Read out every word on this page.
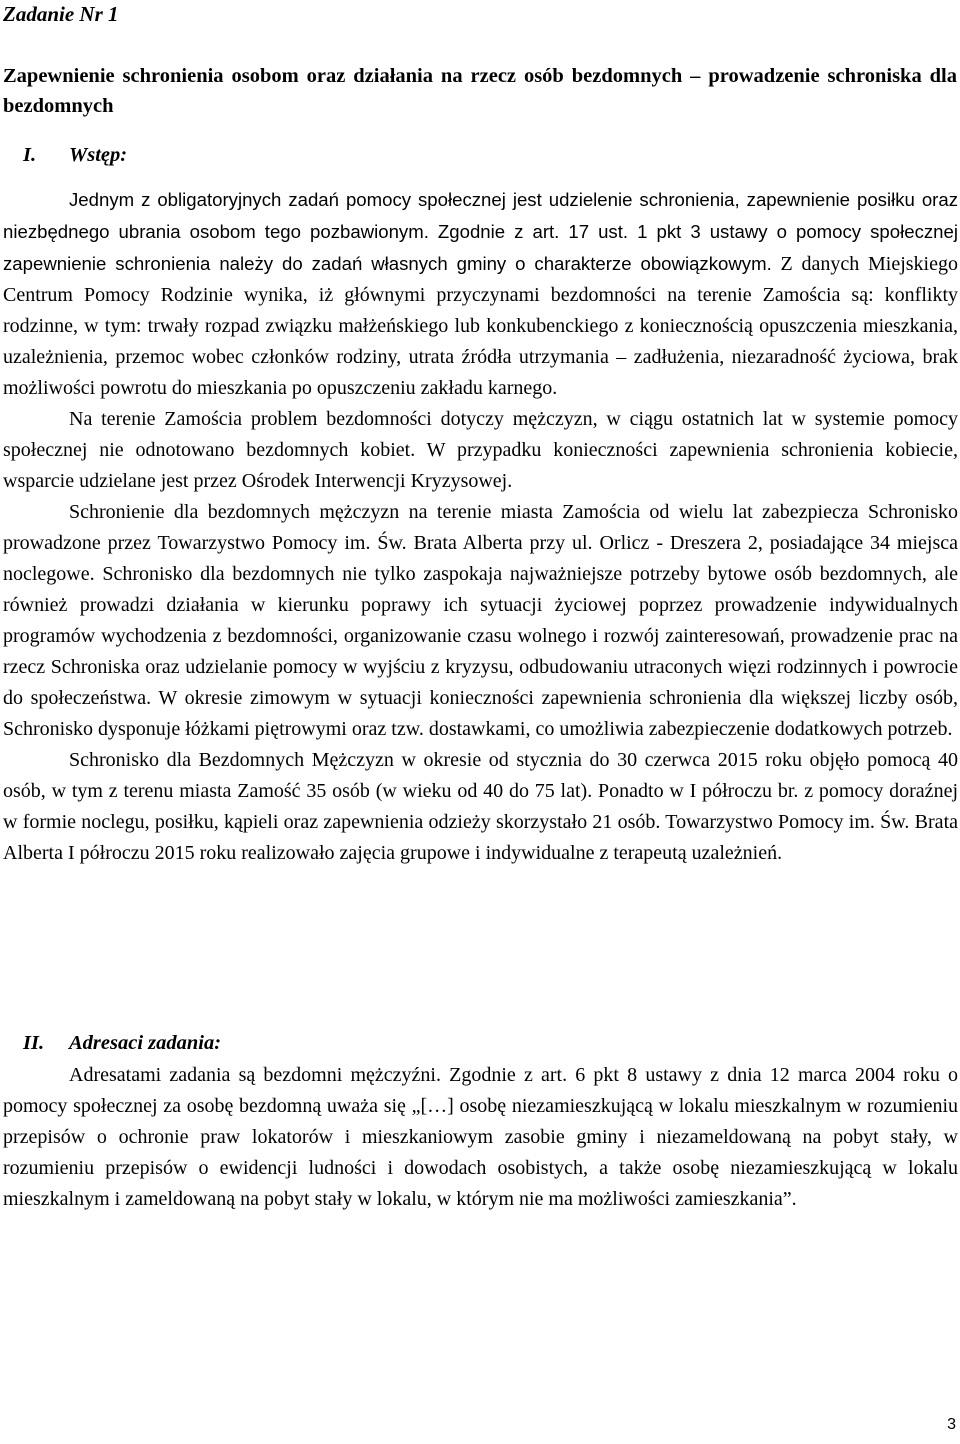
Zadanie Nr 1
Zapewnienie schronienia osobom oraz działania na rzecz osób bezdomnych – prowadzenie schroniska dla bezdomnych
I. Wstęp:

Jednym z obligatoryjnych zadań pomocy społecznej jest udzielenie schronienia, zapewnienie posiłku oraz niezbędnego ubrania osobom tego pozbawionym. Zgodnie z art. 17 ust. 1 pkt 3 ustawy o pomocy społecznej zapewnienie schronienia należy do zadań własnych gminy o charakterze obowiązkowym. Z danych Miejskiego Centrum Pomocy Rodzinie wynika, iż głównymi przyczynami bezdomności na terenie Zamościa są: konflikty rodzinne, w tym: trwały rozpad związku małżeńskiego lub konkubenckiego z koniecznością opuszczenia mieszkania, uzależnienia, przemoc wobec członków rodziny, utrata źródła utrzymania – zadłużenia, niezaradność życiowa, brak możliwości powrotu do mieszkania po opuszczeniu zakładu karnego.

Na terenie Zamościa problem bezdomności dotyczy mężczyzn, w ciągu ostatnich lat w systemie pomocy społecznej nie odnotowano bezdomnych kobiet. W przypadku konieczności zapewnienia schronienia kobiecie, wsparcie udzielane jest przez Ośrodek Interwencji Kryzysowej.

Schronienie dla bezdomnych mężczyzn na terenie miasta Zamościa od wielu lat zabezpiecza Schronisko prowadzone przez Towarzystwo Pomocy im. Św. Brata Alberta przy ul. Orlicz - Dreszera 2, posiadające 34 miejsca noclegowe. Schronisko dla bezdomnych nie tylko zaspokaja najważniejsze potrzeby bytowe osób bezdomnych, ale również prowadzi działania w kierunku poprawy ich sytuacji życiowej poprzez prowadzenie indywidualnych programów wychodzenia z bezdomności, organizowanie czasu wolnego i rozwój zainteresowań, prowadzenie prac na rzecz Schroniska oraz udzielanie pomocy w wyjściu z kryzysu, odbudowaniu utraconych więzi rodzinnych i powrocie do społeczeństwa. W okresie zimowym w sytuacji konieczności zapewnienia schronienia dla większej liczby osób, Schronisko dysponuje łóżkami piętrowymi oraz tzw. dostawkami, co umożliwia zabezpieczenie dodatkowych potrzeb.

Schronisko dla Bezdomnych Mężczyzn w okresie od stycznia do 30 czerwca 2015 roku objęło pomocą 40 osób, w tym z terenu miasta Zamość 35 osób (w wieku od 40 do 75 lat). Ponadto w I półroczu br. z pomocy doraźnej w formie noclegu, posiłku, kąpieli oraz zapewnienia odzieży skorzystało 21 osób. Towarzystwo Pomocy im. Św. Brata Alberta I półroczu 2015 roku realizowało zajęcia grupowe i indywidualne z terapeutą uzależnień.

II. Adresaci zadania:

Adresatami zadania są bezdomni mężczyźni. Zgodnie z art. 6 pkt 8 ustawy z dnia 12 marca 2004 roku o pomocy społecznej za osobę bezdomną uważa się „[…] osobę niezamieszkującą w lokalu mieszkalnym w rozumieniu przepisów o ochronie praw lokatorów i mieszkaniowym zasobie gminy i niezameldowaną na pobyt stały, w rozumieniu przepisów o ewidencji ludności i dowodach osobistych, a także osobę niezamieszkującą w lokalu mieszkalnym i zameldowaną na pobyt stały w lokalu, w którym nie ma możliwości zamieszkania”.

3
